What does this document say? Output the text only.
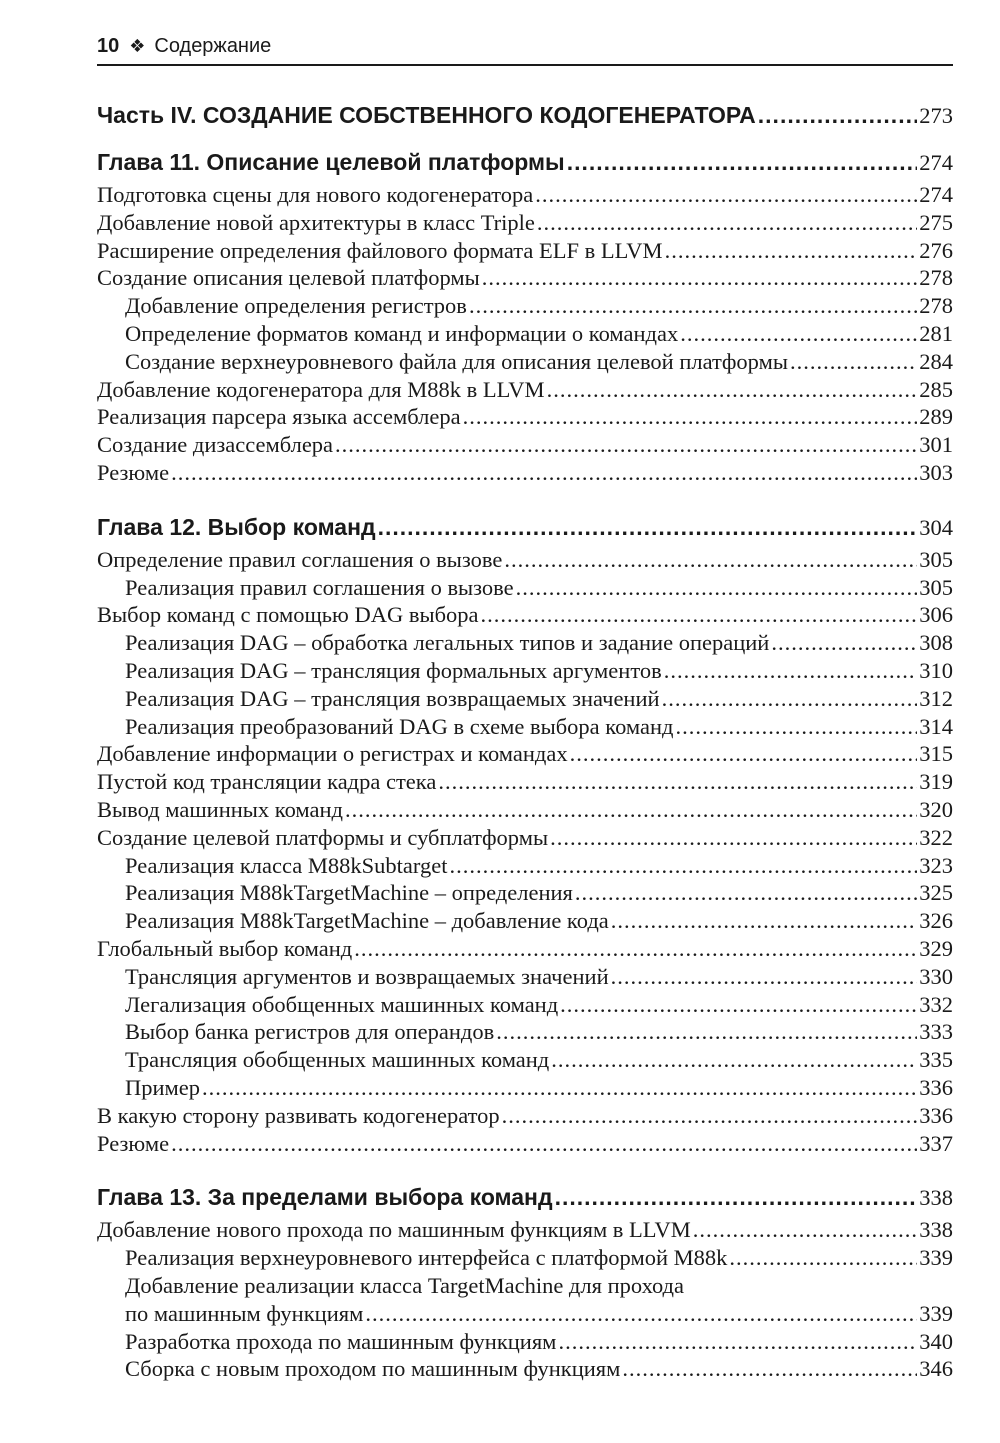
10 ❖ Содержание
Часть IV. СОЗДАНИЕ СОБСТВЕННОГО КОДОГЕНЕРАТОРА .....	273
Глава 11. Описание целевой платформы .....	274
Подготовка сцены для нового кодогенератора .....	274
Добавление новой архитектуры в класс Triple .....	275
Расширение определения файлового формата ELF в LLVM .....	276
Создание описания целевой платформы .....	278
Добавление определения регистров .....	278
Определение форматов команд и информации о командах .....	281
Создание верхнеуровневого файла для описания целевой платформы .....	284
Добавление кодогенератора для M88k в LLVM .....	285
Реализация парсера языка ассемблера .....	289
Создание дизассемблера .....	301
Резюме .....	303
Глава 12. Выбор команд .....	304
Определение правил соглашения о вызове .....	305
Реализация правил соглашения о вызове .....	305
Выбор команд с помощью DAG выбора .....	306
Реализация DAG – обработка легальных типов и задание операций .....	308
Реализация DAG – трансляция формальных аргументов .....	310
Реализация DAG – трансляция возвращаемых значений .....	312
Реализация преобразований DAG в схеме выбора команд .....	314
Добавление информации о регистрах и командах .....	315
Пустой код трансляции кадра стека .....	319
Вывод машинных команд .....	320
Создание целевой платформы и субплатформы .....	322
Реализация класса M88kSubtarget .....	323
Реализация M88kTargetMachine – определения .....	325
Реализация M88kTargetMachine – добавление кода .....	326
Глобальный выбор команд .....	329
Трансляция аргументов и возвращаемых значений .....	330
Легализация обобщенных машинных команд .....	332
Выбор банка регистров для операндов .....	333
Трансляция обобщенных машинных команд .....	335
Пример .....	336
В какую сторону развивать кодогенератор .....	336
Резюме .....	337
Глава 13. За пределами выбора команд .....	338
Добавление нового прохода по машинным функциям в LLVM .....	338
Реализация верхнеуровневого интерфейса с платформой M88k .....	339
Добавление реализации класса TargetMachine для прохода
по машинным функциям .....	339
Разработка прохода по машинным функциям .....	340
Сборка с новым проходом по машинным функциям .....	346
